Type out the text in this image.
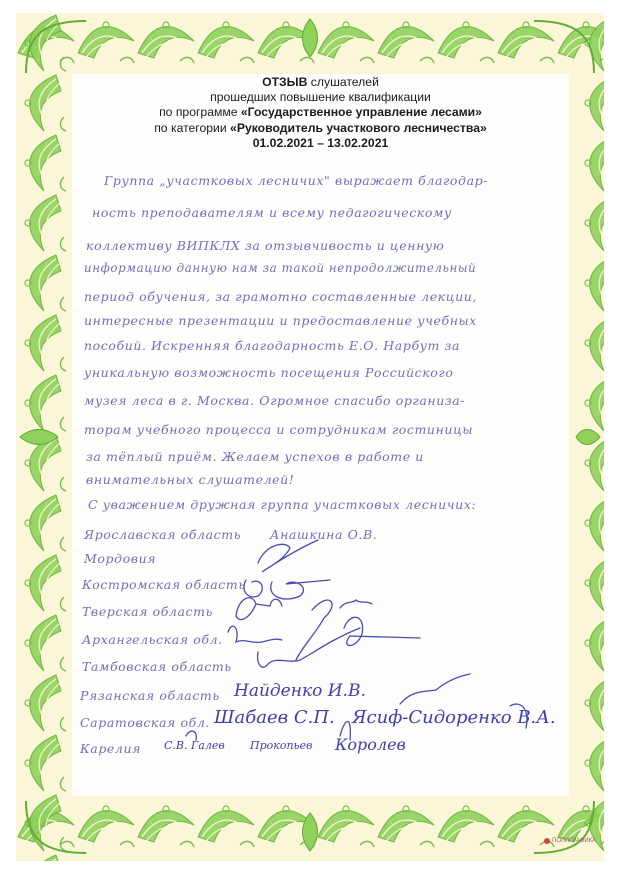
ОТЗЫВ слушателей
прошедших повышение квалификации
по программе «Государственное управление лесами»
по категории «Руководитель участкового лесничества»
01.02.2021 – 13.02.2021
Группа „участковых лесничих" выражает благодар-
ность преподавателям и всему педагогическому
коллективу ВИПКЛХ за отзывчивость и ценную
информацию данную нам за такой непродолжительный
период обучения, за грамотно составленные лекции,
интересные презентации и предоставление учебных
пособий. Искренняя благодарность Е.О. Нарбут за
уникальную возможность посещения Российского
музея леса в г. Москва. Огромное спасибо организа-
торам учебного процесса и сотрудникам гостиницы
за тёплый приём. Желаем успехов в работе и
внимательных слушателей!
С уважением дружная группа участковых лесничих:
Ярославская область Анашкина О.В.
Мордовия
Костромская область
Тверская область
Архангельская обл.
Тамбовская область
Рязанская область
Саратовская обл.
Карелия
Найденко И.В.
Шабаев С.П. Ясиф-Сидоренко В.А.
С.В. Галев Прокопьев Королев
ПОЛИГРАФИКА
